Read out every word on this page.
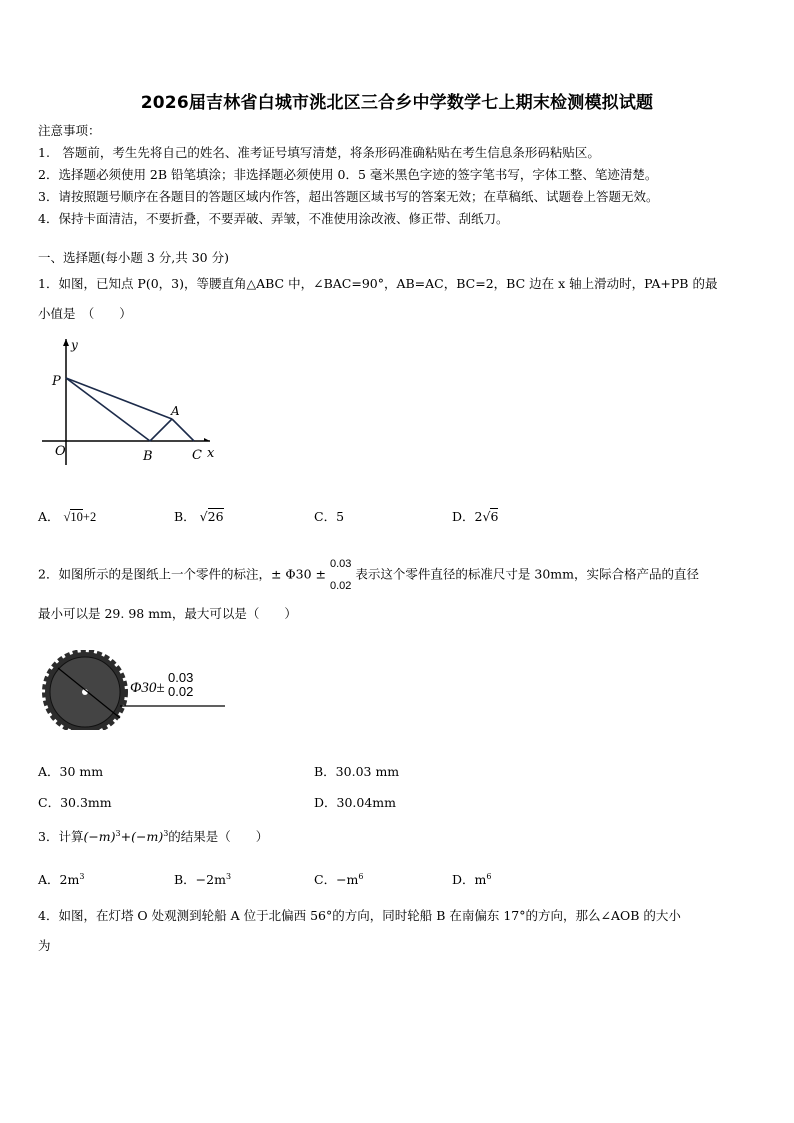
2026届吉林省白城市洮北区三合乡中学数学七上期末检测模拟试题
注意事项：
1.　答题前，考生先将自己的姓名、准考证号填写清楚，将条形码准确粘贴在考生信息条形码粘贴区。
2．选择题必须使用 2B 铅笔填涂；非选择题必须使用 0．5 毫米黑色字迹的签字笔书写，字体工整、笔迹清楚。
3．请按照题号顺序在各题目的答题区域内作答，超出答题区域书写的答案无效；在草稿纸、试题卷上答题无效。
4．保持卡面清洁，不要折叠，不要弄破、弄皱，不准使用涂改液、修正带、刮纸刀。
一、选择题(每小题 3 分,共 30 分)
1．如图，已知点 P(0，3)，等腰直角△ABC 中，∠BAC=90°，AB=AC，BC=2，BC 边在 x 轴上滑动时，PA+PB 的最
小值是　（　　）
y
P
O
A
B	C x
A． √10+2	B． √26	C．5	D．2√6
2．如图所示的是图纸上一个零件的标注，± Φ30 ±
0.03
0.02
表示这个零件直径的标准尺寸是 30mm，实际合格产品的直径
最小可以是 29. 98 mm，最大可以是（　　）
Φ30±
0.03
0.02
A．30 mm	B．30.03 mm
C．30.3mm	D．30.04mm
3．计算$(-m)^3+(-m)^3$的结果是（　　）
A．$2m^3$	B．$-2m^3$	C．$-m^6$	D．$m^6$
4．如图，在灯塔 O 处观测到轮船 A 位于北偏西 56°的方向，同时轮船 B 在南偏东 17°的方向，那么∠AOB 的大小
为
